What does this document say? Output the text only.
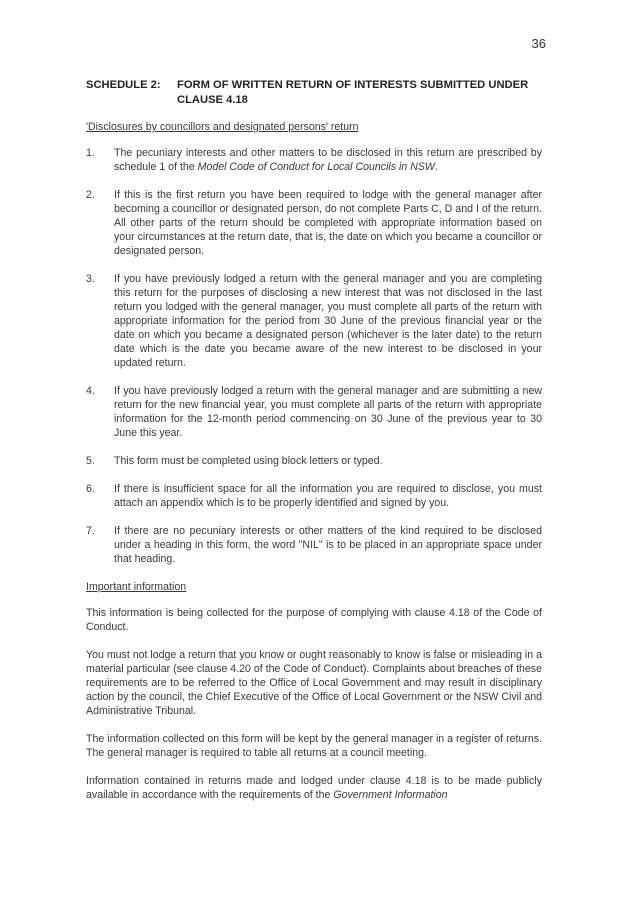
36
SCHEDULE 2:	FORM OF WRITTEN RETURN OF INTERESTS SUBMITTED UNDER CLAUSE 4.18
'Disclosures by councillors and designated persons' return
1.	The pecuniary interests and other matters to be disclosed in this return are prescribed by schedule 1 of the Model Code of Conduct for Local Councils in NSW.
2.	If this is the first return you have been required to lodge with the general manager after becoming a councillor or designated person, do not complete Parts C, D and I of the return. All other parts of the return should be completed with appropriate information based on your circumstances at the return date, that is, the date on which you became a councillor or designated person.
3.	If you have previously lodged a return with the general manager and you are completing this return for the purposes of disclosing a new interest that was not disclosed in the last return you lodged with the general manager, you must complete all parts of the return with appropriate information for the period from 30 June of the previous financial year or the date on which you became a designated person (whichever is the later date) to the return date which is the date you became aware of the new interest to be disclosed in your updated return.
4.	If you have previously lodged a return with the general manager and are submitting a new return for the new financial year, you must complete all parts of the return with appropriate information for the 12-month period commencing on 30 June of the previous year to 30 June this year.
5.	This form must be completed using block letters or typed.
6.	If there is insufficient space for all the information you are required to disclose, you must attach an appendix which is to be properly identified and signed by you.
7.	If there are no pecuniary interests or other matters of the kind required to be disclosed under a heading in this form, the word "NIL" is to be placed in an appropriate space under that heading.
Important information

This information is being collected for the purpose of complying with clause 4.18 of the Code of Conduct.

You must not lodge a return that you know or ought reasonably to know is false or misleading in a material particular (see clause 4.20 of the Code of Conduct). Complaints about breaches of these requirements are to be referred to the Office of Local Government and may result in disciplinary action by the council, the Chief Executive of the Office of Local Government or the NSW Civil and Administrative Tribunal.

The information collected on this form will be kept by the general manager in a register of returns. The general manager is required to table all returns at a council meeting.

Information contained in returns made and lodged under clause 4.18 is to be made publicly available in accordance with the requirements of the Government Information
